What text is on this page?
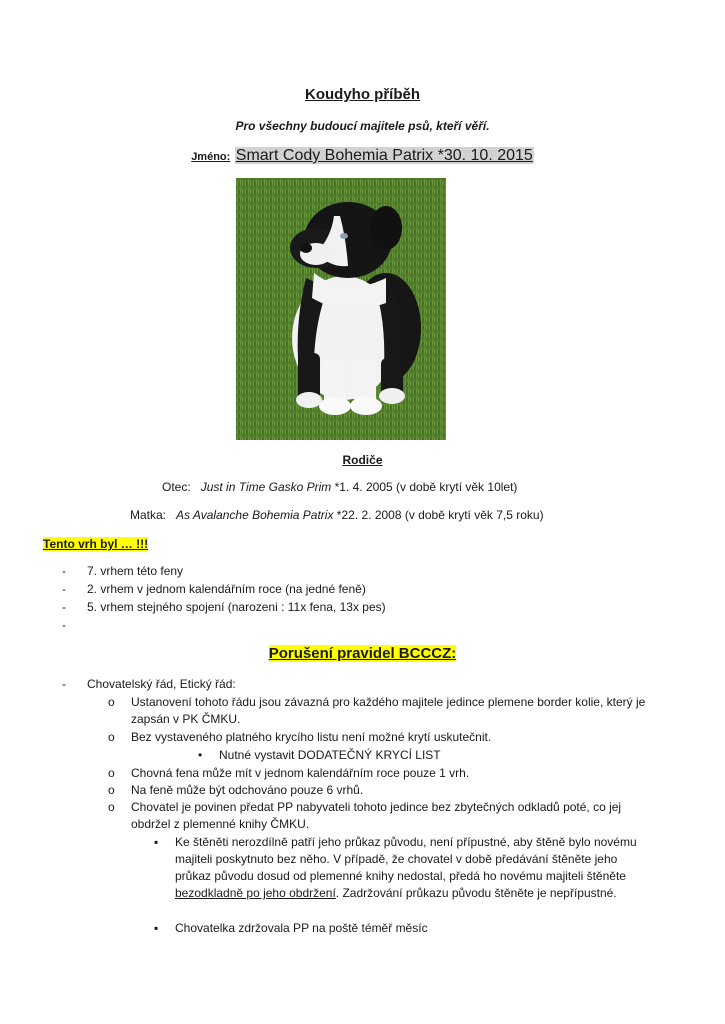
Koudyho příběh
Pro všechny budoucí majitele psů, kteří věří.
Jméno: Smart Cody Bohemia Patrix *30. 10. 2015
Rodiče
Otec: Just in Time Gasko Prim *1. 4. 2005 (v době krytí věk 10let)
Matka: As Avalanche Bohemia Patrix *22. 2. 2008 (v době krytí věk 7,5 roku)
Tento vrh byl … !!!
- 7. vrhem této feny
- 2. vrhem v jednom kalendářním roce (na jedné feně)
- 5. vrhem stejného spojení (narozeni : 11x fena, 13x pes)
-
Porušení pravidel BCCCZ:
- Chovatelský řád, Etický řád:
o Ustanovení tohoto řádu jsou závazná pro každého majitele jedince plemene border kolie, který je zapsán v PK ČMKU.
o Bez vystaveného platného krycího listu není možné krytí uskutečnit.
• Nutné vystavit DODATEČNÝ KRYCÍ LIST
o Chovná fena může mít v jednom kalendářním roce pouze 1 vrh.
o Na feně může být odchováno pouze 6 vrhů.
o Chovatel je povinen předat PP nabyvateli tohoto jedince bez zbytečných odkladů poté, co jej obdržel z plemenné knihy ČMKU.
▪ Ke štěněti nerozdílně patří jeho průkaz původu, není přípustné, aby štěně bylo novému majiteli poskytnuto bez něho. V případě, že chovatel v době předávání štěněte jeho průkaz původu dosud od plemenné knihy nedostal, předá ho novému majiteli štěněte bezodkladně po jeho obdržení. Zadržování průkazu původu štěněte je nepřípustné.
▪ Chovatelka zdržovala PP na poště téměř měsíc
